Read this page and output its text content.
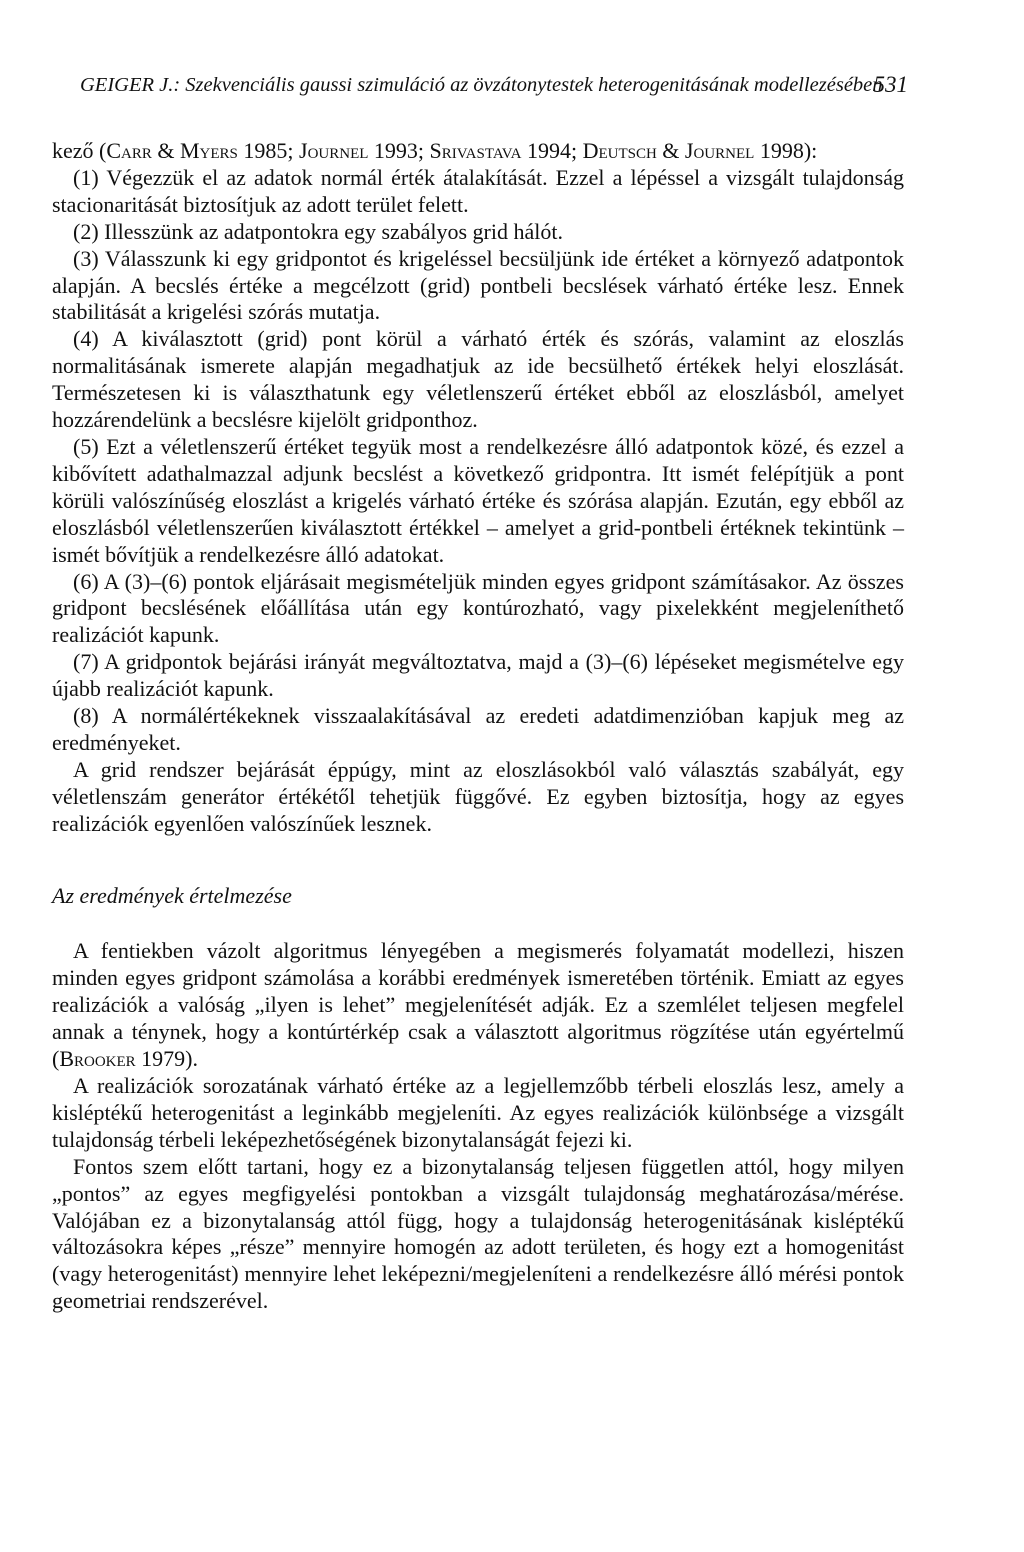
GEIGER J.: Szekvenciális gaussi szimuláció az övzátonytestek heterogenitásának modellezésében
531

kező (Carr & Myers 1985; Journel 1993; Srivastava 1994; Deutsch & Journel 1998):

(1) Végezzük el az adatok normál érték átalakítását. Ezzel a lépéssel a vizsgált tulajdonság stacionaritását biztosítjuk az adott terület felett.

(2) Illesszünk az adatpontokra egy szabályos grid hálót.

(3) Válasszunk ki egy gridpontot és krigeléssel becsüljünk ide értéket a környező adatpontok alapján. A becslés értéke a megcélzott (grid) pontbeli becslések várható értéke lesz. Ennek stabilitását a krigelési szórás mutatja.

(4) A kiválasztott (grid) pont körül a várható érték és szórás, valamint az eloszlás normalitásának ismerete alapján megadhatjuk az ide becsülhető értékek helyi eloszlását. Természetesen ki is választhatunk egy véletlenszerű értéket ebből az eloszlásból, amelyet hozzárendelünk a becslésre kijelölt gridponthoz.

(5) Ezt a véletlenszerű értéket tegyük most a rendelkezésre álló adatpontok közé, és ezzel a kibővített adathalmazzal adjunk becslést a következő gridpontra. Itt ismét felépítjük a pont körüli valószínűség eloszlást a krigelés várható értéke és szórása alapján. Ezután, egy ebből az eloszlásból véletlenszerűen kiválasztott értékkel – amelyet a grid-pontbeli értéknek tekintünk – ismét bővítjük a rendelkezésre álló adatokat.

(6) A (3)–(6) pontok eljárásait megismételjük minden egyes gridpont számításakor. Az összes gridpont becslésének előállítása után egy kontúrozható, vagy pixelekként megjeleníthető realizációt kapunk.

(7) A gridpontok bejárási irányát megváltoztatva, majd a (3)–(6) lépéseket megismételve egy újabb realizációt kapunk.

(8) A normálértékeknek visszaalakításával az eredeti adatdimenzióban kapjuk meg az eredményeket.

A grid rendszer bejárását éppúgy, mint az eloszlásokból való választás szabályát, egy véletlenszám generátor értékétől tehetjük függővé. Ez egyben biztosítja, hogy az egyes realizációk egyenlően valószínűek lesznek.

Az eredmények értelmezése

A fentiekben vázolt algoritmus lényegében a megismerés folyamatát modellezi, hiszen minden egyes gridpont számolása a korábbi eredmények ismeretében történik. Emiatt az egyes realizációk a valóság „ilyen is lehet” megjelenítését adják. Ez a szemlélet teljesen megfelel annak a ténynek, hogy a kontúrtérkép csak a választott algoritmus rögzítése után egyértelmű (Brooker 1979).

A realizációk sorozatának várható értéke az a legjellemzőbb térbeli eloszlás lesz, amely a kisléptékű heterogenitást a leginkább megjeleníti. Az egyes realizációk különbsége a vizsgált tulajdonság térbeli leképezhetőségének bizonytalanságát fejezi ki.

Fontos szem előtt tartani, hogy ez a bizonytalanság teljesen független attól, hogy milyen „pontos” az egyes megfigyelési pontokban a vizsgált tulajdonság meghatározása/mérése. Valójában ez a bizonytalanság attól függ, hogy a tulajdonság heterogenitásának kisléptékű változásokra képes „része” mennyire homogén az adott területen, és hogy ezt a homogenitást (vagy heterogenitást) mennyire lehet leképezni/megjeleníteni a rendelkezésre álló mérési pontok geometriai rendszerével.
